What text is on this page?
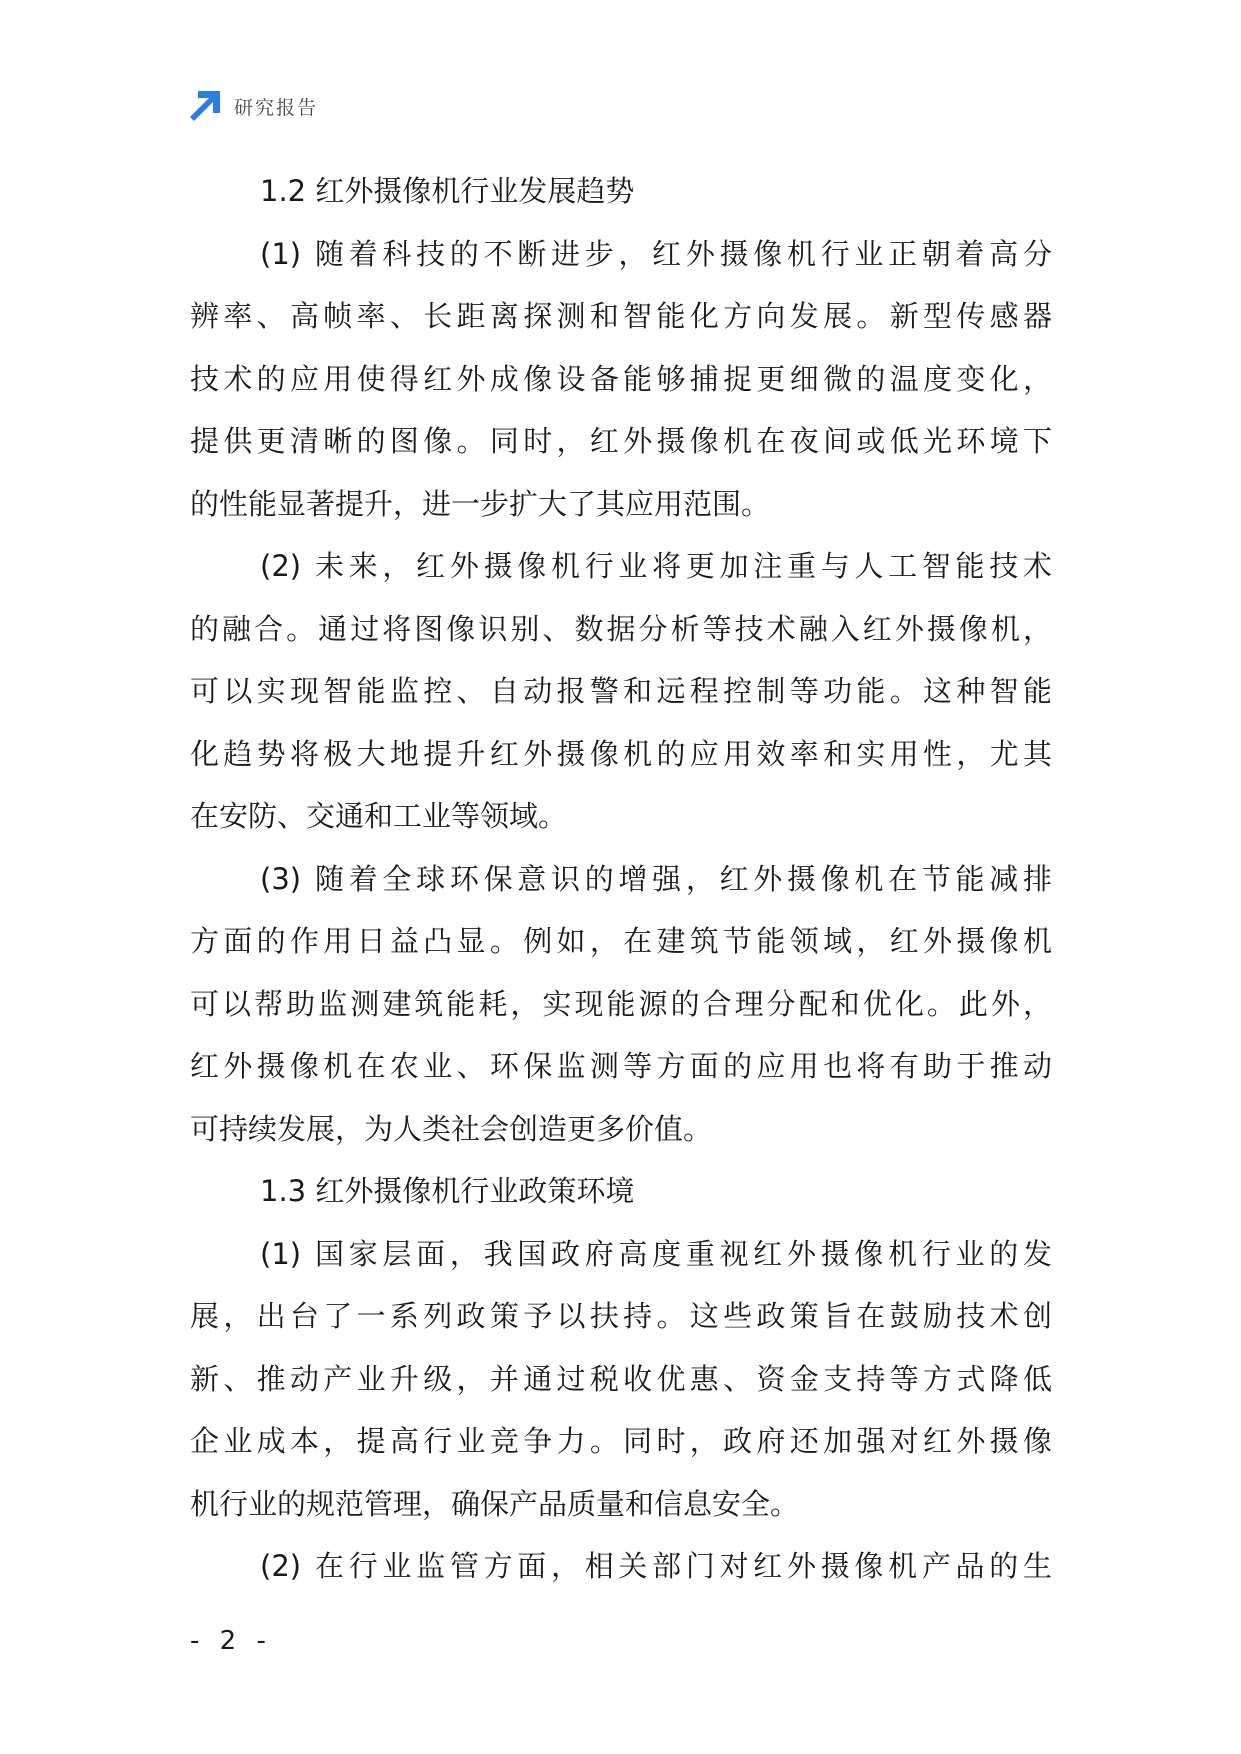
研究报告
1.2 红外摄像机行业发展趋势
(1) 随着科技的不断进步，红外摄像机行业正朝着高分
辨率、高帧率、长距离探测和智能化方向发展。新型传感器
技术的应用使得红外成像设备能够捕捉更细微的温度变化，
提供更清晰的图像。同时，红外摄像机在夜间或低光环境下
的性能显著提升，进一步扩大了其应用范围。
(2) 未来，红外摄像机行业将更加注重与人工智能技术
的融合。通过将图像识别、数据分析等技术融入红外摄像机，
可以实现智能监控、自动报警和远程控制等功能。这种智能
化趋势将极大地提升红外摄像机的应用效率和实用性，尤其
在安防、交通和工业等领域。
(3) 随着全球环保意识的增强，红外摄像机在节能减排
方面的作用日益凸显。例如，在建筑节能领域，红外摄像机
可以帮助监测建筑能耗，实现能源的合理分配和优化。此外，
红外摄像机在农业、环保监测等方面的应用也将有助于推动
可持续发展，为人类社会创造更多价值。
1.3 红外摄像机行业政策环境
(1) 国家层面，我国政府高度重视红外摄像机行业的发
展，出台了一系列政策予以扶持。这些政策旨在鼓励技术创
新、推动产业升级，并通过税收优惠、资金支持等方式降低
企业成本，提高行业竞争力。同时，政府还加强对红外摄像
机行业的规范管理，确保产品质量和信息安全。
(2) 在行业监管方面，相关部门对红外摄像机产品的生
- 2 -
